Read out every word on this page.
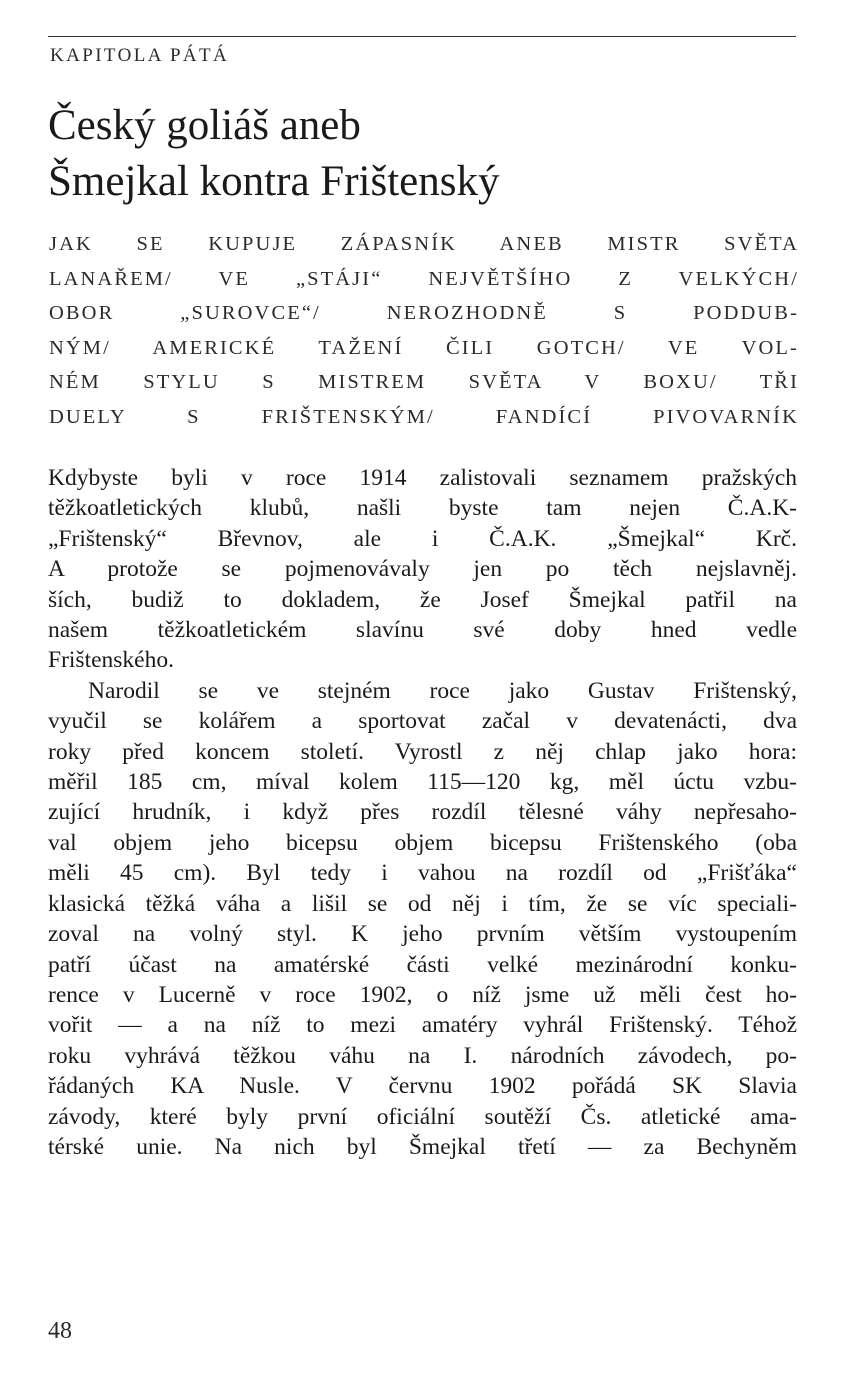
KAPITOLA PÁTÁ
Český goliáš aneb
Šmejkal kontra Frištenský
JAK SE KUPUJE ZÁPASNÍK ANEB MISTR SVĚTA
LANAŘEM/ VE „STÁJI“ NEJVĚTŠÍHO Z VELKÝCH/
OBOR „SUROVCE“/ NEROZHODNĚ S PODDUB-
NÝM/ AMERICKÉ TAŽENÍ ČILI GOTCH/ VE VOL-
NÉM STYLU S MISTREM SVĚTA V BOXU/ TŘI
DUELY S FRIŠTENSKÝM/ FANDÍCÍ PIVOVARNÍK
Kdybyste byli v roce 1914 zalistovali seznamem pražských
těžkoatletických klubů, našli byste tam nejen Č.A.K-
„Frištenský“ Břevnov, ale i Č.A.K. „Šmejkal“ Krč.
A protože se pojmenovávaly jen po těch nejslavněj.
ších, budiž to dokladem, že Josef Šmejkal patřil na
našem těžkoatletickém slavínu své doby hned vedle
Frištenského.
Narodil se ve stejném roce jako Gustav Frištenský,
vyučil se kolářem a sportovat začal v devatenácti, dva
roky před koncem století. Vyrostl z něj chlap jako hora:
měřil 185 cm, míval kolem 115—120 kg, měl úctu vzbu-
zující hrudník, i když přes rozdíl tělesné váhy nepřesaho-
val objem jeho bicepsu objem bicepsu Frištenského (oba
měli 45 cm). Byl tedy i vahou na rozdíl od „Frišťáka“
klasická těžká váha a lišil se od něj i tím, že se víc speciali-
zoval na volný styl. K jeho prvním větším vystoupením
patří účast na amatérské části velké mezinárodní konku-
rence v Lucerně v roce 1902, o níž jsme už měli čest ho-
vořit — a na níž to mezi amatéry vyhrál Frištenský. Téhož
roku vyhrává těžkou váhu na I. národních závodech, po-
řádaných KA Nusle. V červnu 1902 pořádá SK Slavia
závody, které byly první oficiální soutěží Čs. atletické ama-
térské unie. Na nich byl Šmejkal třetí — za Bechyněm
48
